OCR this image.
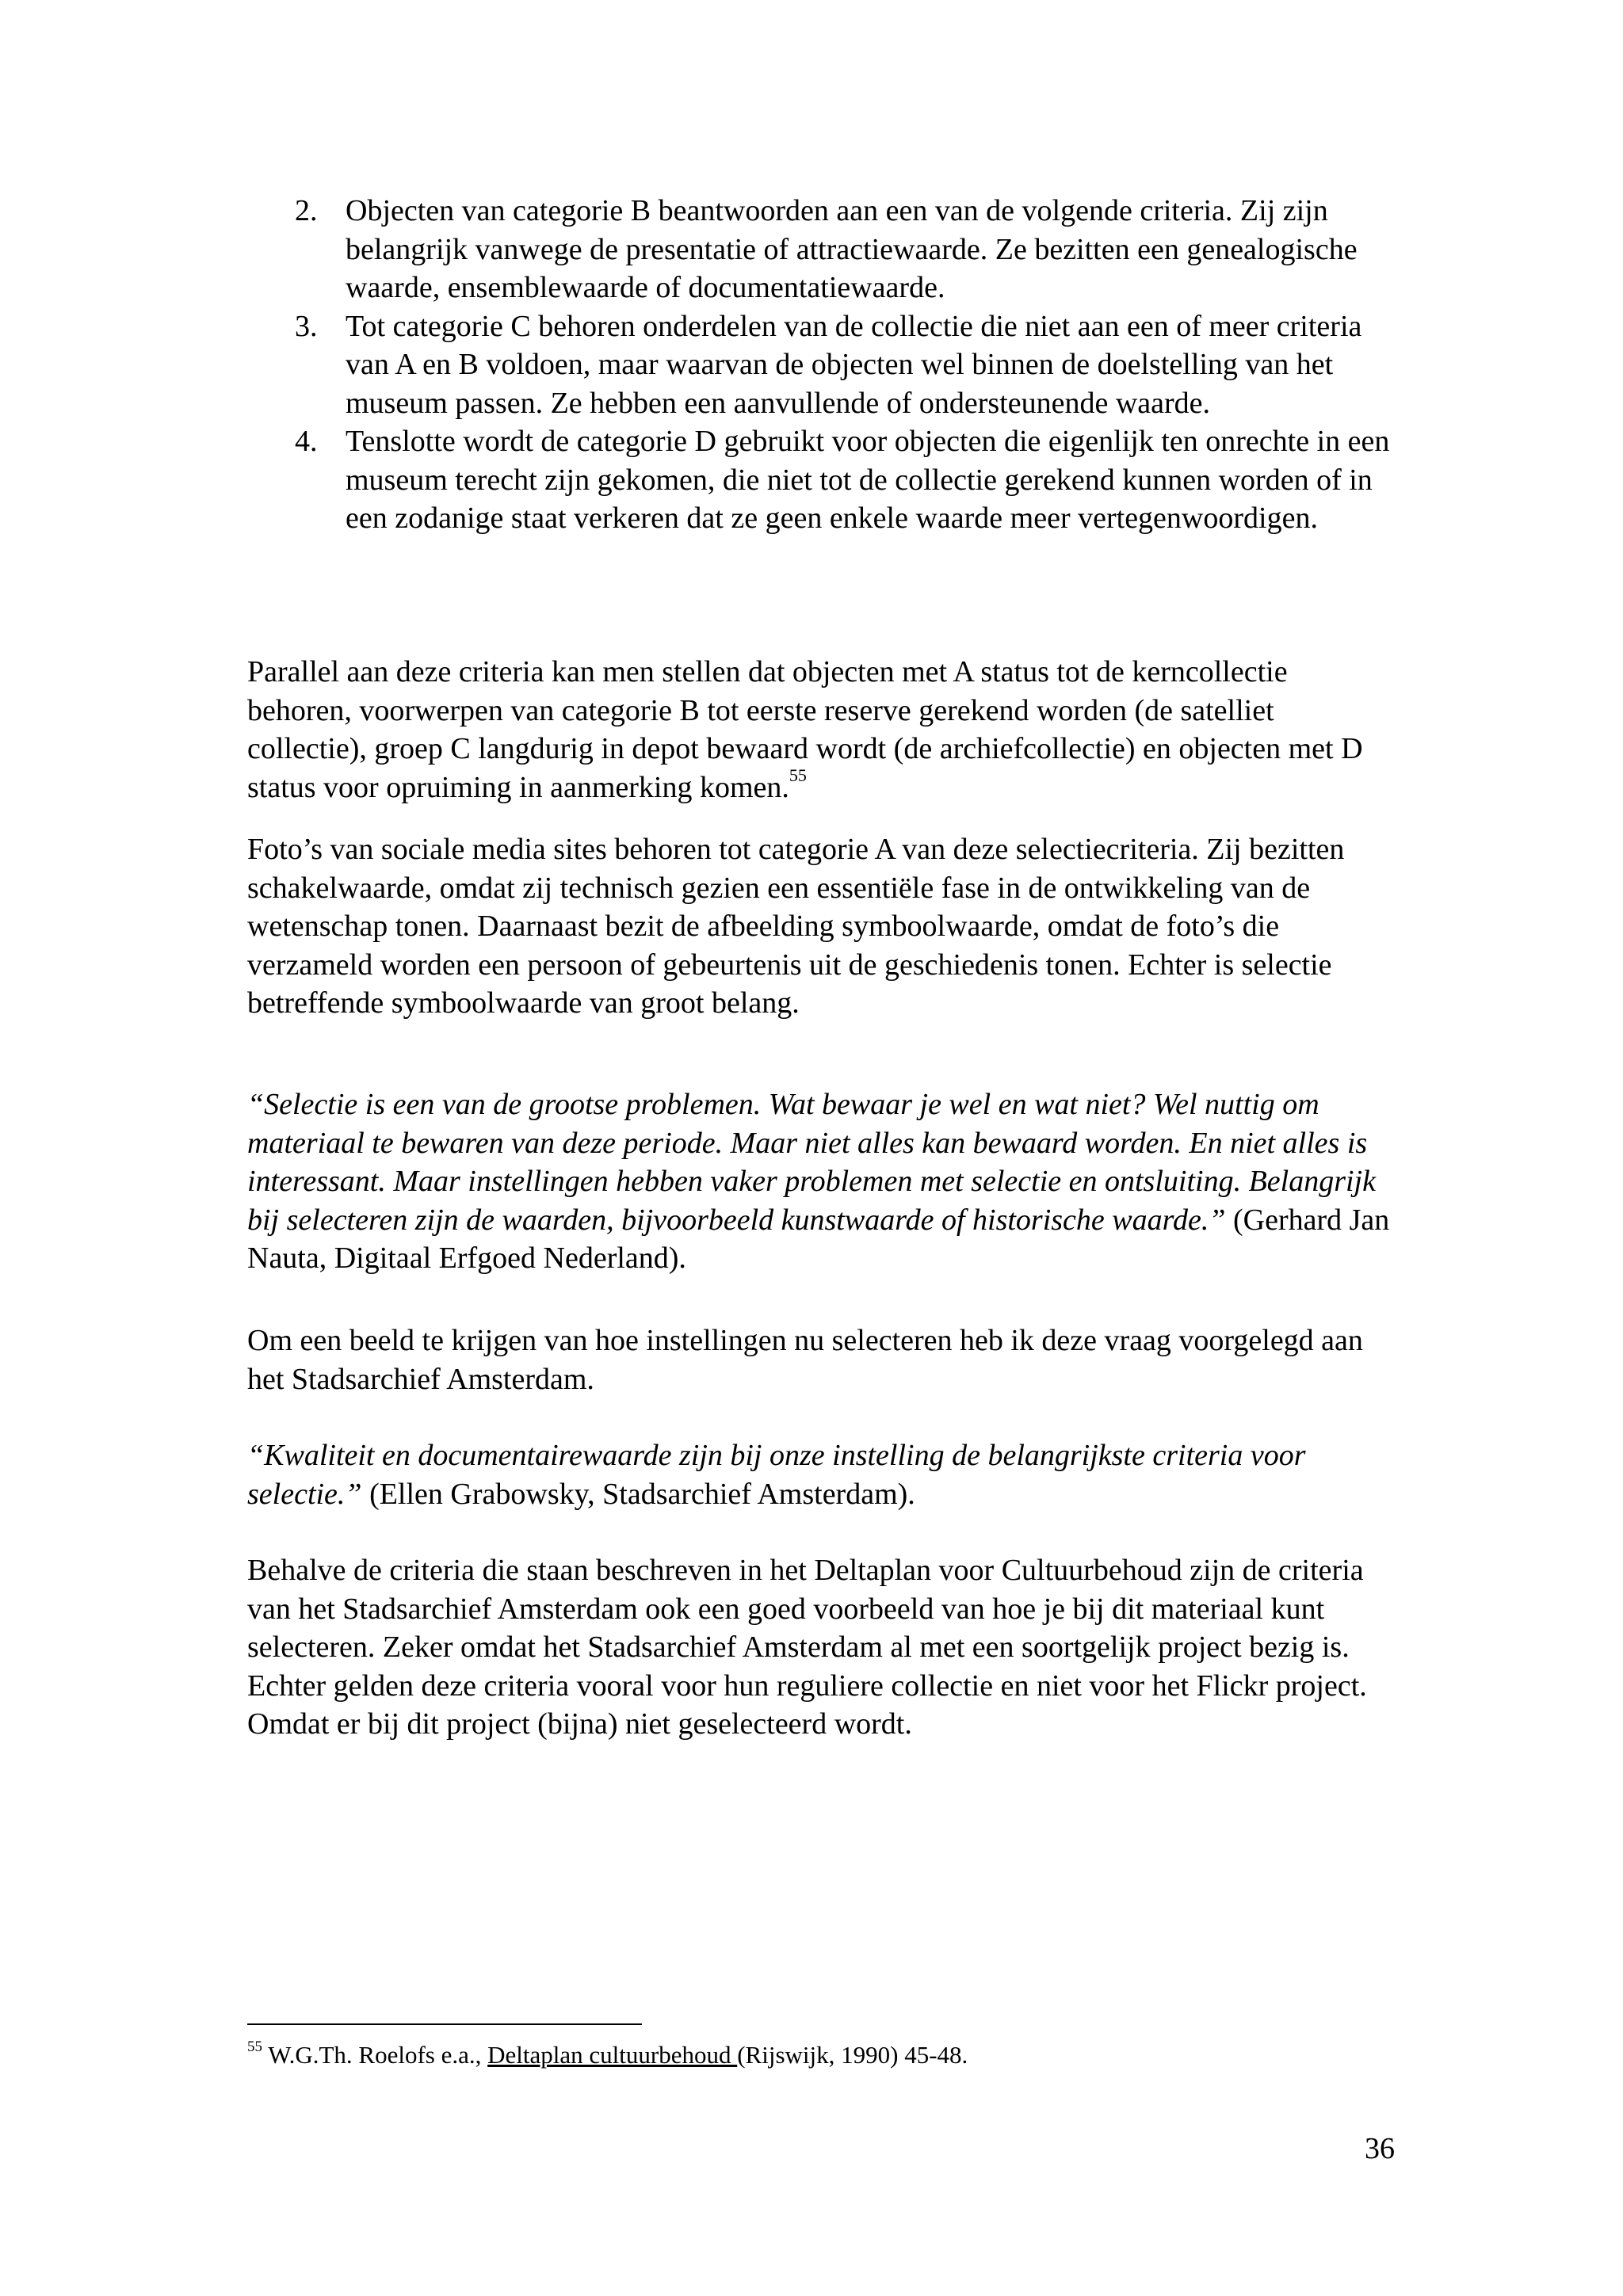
2. Objecten van categorie B beantwoorden aan een van de volgende criteria. Zij zijn belangrijk vanwege de presentatie of attractiewaarde. Ze bezitten een genealogische waarde, ensemblewaarde of documentatiewaarde.
3. Tot categorie C behoren onderdelen van de collectie die niet aan een of meer criteria van A en B voldoen, maar waarvan de objecten wel binnen de doelstelling van het museum passen. Ze hebben een aanvullende of ondersteunende waarde.
4. Tenslotte wordt de categorie D gebruikt voor objecten die eigenlijk ten onrechte in een museum terecht zijn gekomen, die niet tot de collectie gerekend kunnen worden of in een zodanige staat verkeren dat ze geen enkele waarde meer vertegenwoordigen.

Parallel aan deze criteria kan men stellen dat objecten met A status tot de kerncollectie behoren, voorwerpen van categorie B tot eerste reserve gerekend worden (de satelliet collectie), groep C langdurig in depot bewaard wordt (de archiefcollectie) en objecten met D status voor opruiming in aanmerking komen.$^{55}$

Foto’s van sociale media sites behoren tot categorie A van deze selectiecriteria. Zij bezitten schakelwaarde, omdat zij technisch gezien een essentiële fase in de ontwikkeling van de wetenschap tonen. Daarnaast bezit de afbeelding symboolwaarde, omdat de foto’s die verzameld worden een persoon of gebeurtenis uit de geschiedenis tonen. Echter is selectie betreffende symboolwaarde van groot belang.

“Selectie is een van de grootse problemen. Wat bewaar je wel en wat niet? Wel nuttig om materiaal te bewaren van deze periode. Maar niet alles kan bewaard worden. En niet alles is interessant. Maar instellingen hebben vaker problemen met selectie en ontsluiting. Belangrijk bij selecteren zijn de waarden, bijvoorbeeld kunstwaarde of historische waarde.” (Gerhard Jan Nauta, Digitaal Erfgoed Nederland).

Om een beeld te krijgen van hoe instellingen nu selecteren heb ik deze vraag voorgelegd aan het Stadsarchief Amsterdam.

“Kwaliteit en documentairewaarde zijn bij onze instelling de belangrijkste criteria voor selectie.” (Ellen Grabowsky, Stadsarchief Amsterdam).

Behalve de criteria die staan beschreven in het Deltaplan voor Cultuurbehoud zijn de criteria van het Stadsarchief Amsterdam ook een goed voorbeeld van hoe je bij dit materiaal kunt selecteren. Zeker omdat het Stadsarchief Amsterdam al met een soortgelijk project bezig is. Echter gelden deze criteria vooral voor hun reguliere collectie en niet voor het Flickr project. Omdat er bij dit project (bijna) niet geselecteerd wordt.

$^{55}$ W.G.Th. Roelofs e.a., Deltaplan cultuurbehoud (Rijswijk, 1990) 45-48.
36
